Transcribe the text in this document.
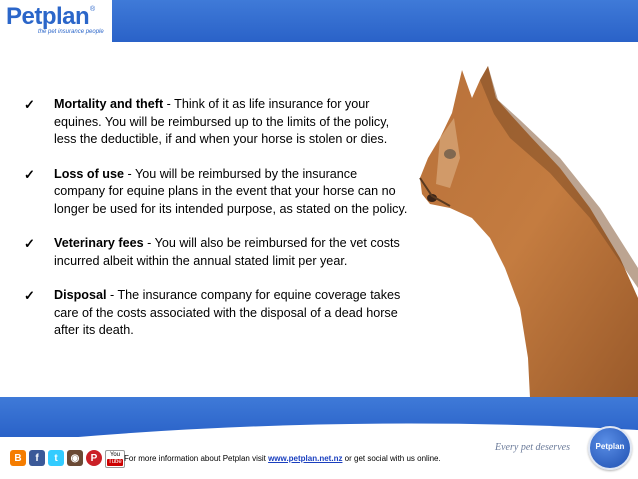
Petplan ®
the pet insurance people
✓ Mortality and theft - Think of it as life insurance for your equines. You will be reimbursed up to the limits of the policy, less the deductible, if and when your horse is stolen or dies.
✓ Loss of use - You will be reimbursed by the insurance company for equine plans in the event that your horse can no longer be used for its intended purpose, as stated on the policy.
✓ Veterinary fees - You will also be reimbursed for the vet costs incurred albeit within the annual stated limit per year.
✓ Disposal - The insurance company for equine coverage takes care of the costs associated with the disposal of a dead horse after its death.
B	f	t	◉	P	You
Tube For more information about Petplan visit www.petplan.net.nz or get social with us online.
Every pet deserves	Petplan
